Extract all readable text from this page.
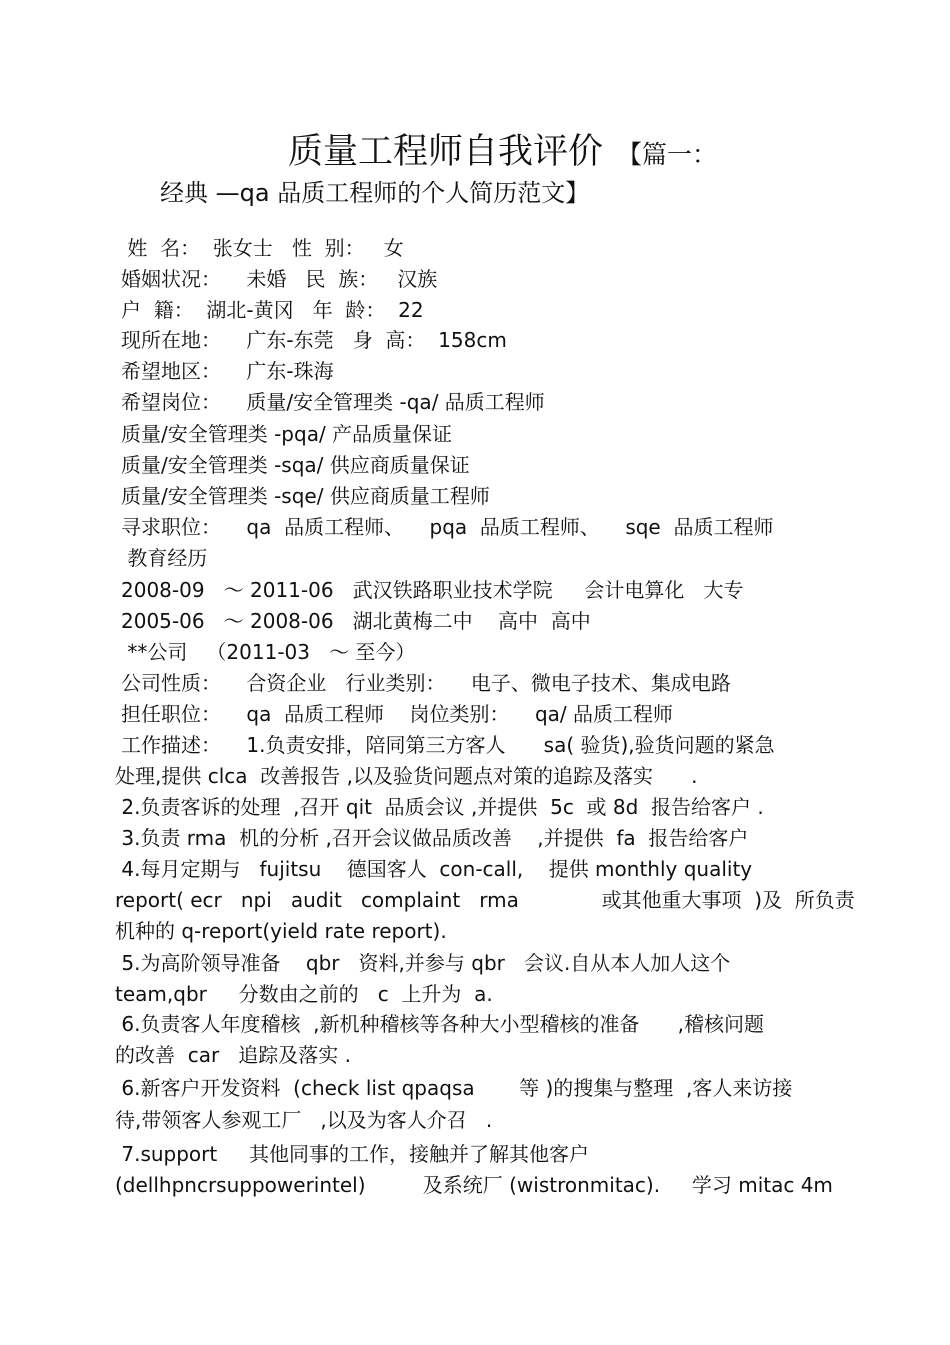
质量工程师自我评价 【篇一：
经典 —qa 品质工程师的个人简历范文】
姓  名：  张女士   性  别：   女
婚姻状况：    未婚   民  族：   汉族
户  籍：  湖北-黄冈   年  龄：  22
现所在地：    广东-东莞   身  高：  158cm
希望地区：    广东-珠海
希望岗位：    质量/安全管理类 -qa/ 品质工程师
质量/安全管理类 -pqa/ 产品质量保证
质量/安全管理类 -sqa/ 供应商质量保证
质量/安全管理类 -sqe/ 供应商质量工程师
寻求职位：    qa  品质工程师、    pqa  品质工程师、    sqe  品质工程师
教育经历
2008-09   ～ 2011-06   武汉铁路职业技术学院     会计电算化   大专
2005-06   ～ 2008-06   湖北黄梅二中    高中  高中
**公司   （2011-03   ～ 至今）
公司性质：    合资企业   行业类别：    电子、微电子技术、集成电路
担任职位：    qa  品质工程师    岗位类别：    qa/ 品质工程师
工作描述：    1.负责安排，陪同第三方客人      sa( 验货),验货问题的紧急
处理,提供 clca  改善报告 ,以及验货问题点对策的追踪及落实      .
2.负责客诉的处理  ,召开 qit  品质会议 ,并提供  5c  或 8d  报告给客户 .
3.负责 rma  机的分析 ,召开会议做品质改善    ,并提供  fa  报告给客户
4.每月定期与   fujitsu    德国客人  con-call,    提供 monthly quality
report( ecr   npi   audit   complaint   rma             或其他重大事项  )及  所负责
机种的 q-report(yield rate report).
5.为高阶领导准备    qbr   资料,并参与 qbr   会议.自从本人加人这个
team,qbr     分数由之前的   c  上升为  a.
6.负责客人年度稽核  ,新机种稽核等各种大小型稽核的准备      ,稽核问题
的改善  car   追踪及落实 .
6.新客户开发资料  (check list qpaqsa       等 )的搜集与整理  ,客人来访接
待,带领客人参观工厂   ,以及为客人介召   .
7.support     其他同事的工作，接触并了解其他客户
(dellhpncrsuppowerintel)         及系统厂 (wistronmitac).     学习 mitac 4m
